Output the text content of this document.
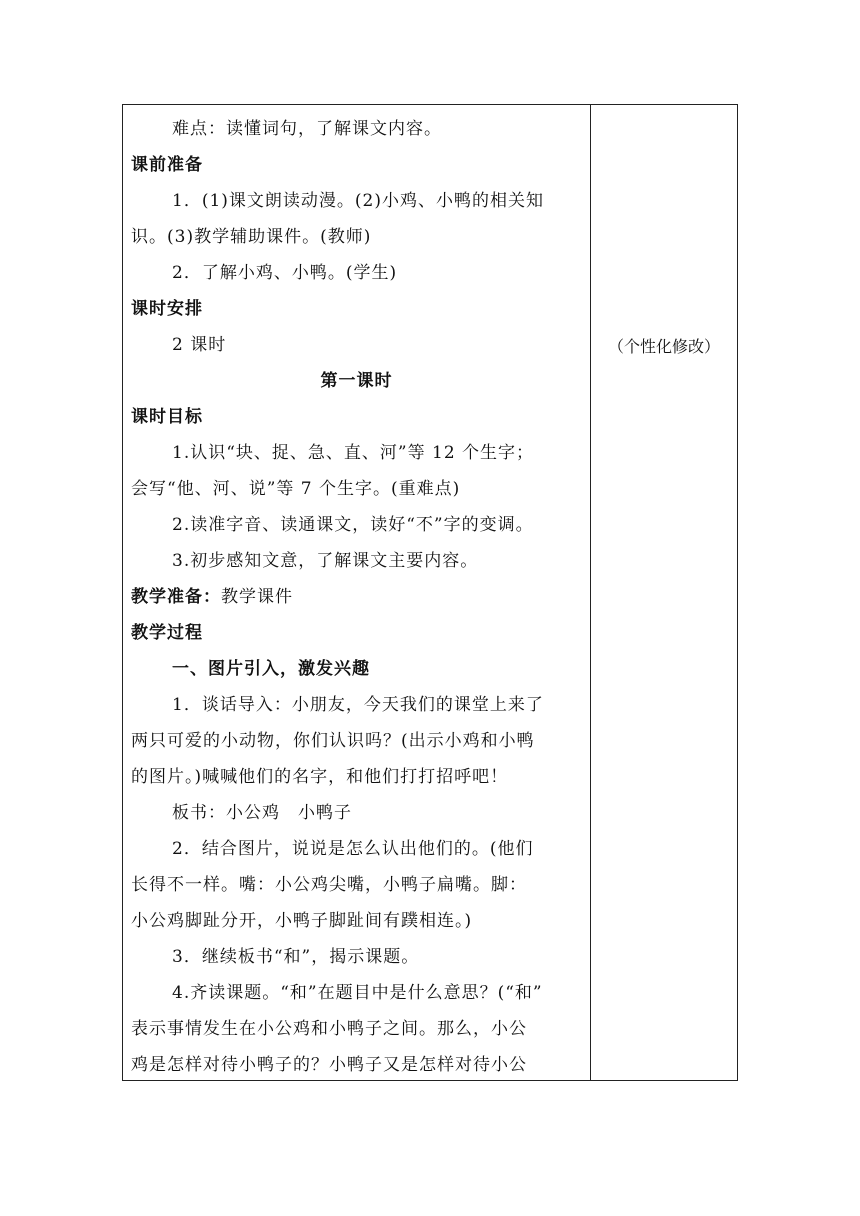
难点：读懂词句，了解课文内容。
课前准备
1．(1)课文朗读动漫。(2)小鸡、小鸭的相关知
识。(3)教学辅助课件。(教师)
2．了解小鸡、小鸭。(学生)
课时安排
2 课时
第一课时
课时目标
1.认识“块、捉、急、直、河”等 12 个生字；
会写“他、河、说”等 7 个生字。(重难点)
2.读准字音、读通课文，读好“不”字的变调。
3.初步感知文意，了解课文主要内容。
教学准备：教学课件
教学过程
一、图片引入，激发兴趣
1．谈话导入：小朋友，今天我们的课堂上来了
两只可爱的小动物，你们认识吗？(出示小鸡和小鸭
的图片。)喊喊他们的名字，和他们打打招呼吧！
板书：小公鸡　小鸭子
2．结合图片，说说是怎么认出他们的。(他们
长得不一样。嘴：小公鸡尖嘴，小鸭子扁嘴。脚：
小公鸡脚趾分开，小鸭子脚趾间有蹼相连。)
3．继续板书“和”，揭示课题。
4.齐读课题。“和”在题目中是什么意思？(“和”
表示事情发生在小公鸡和小鸭子之间。那么，小公
鸡是怎样对待小鸭子的？小鸭子又是怎样对待小公
（个性化修改）
